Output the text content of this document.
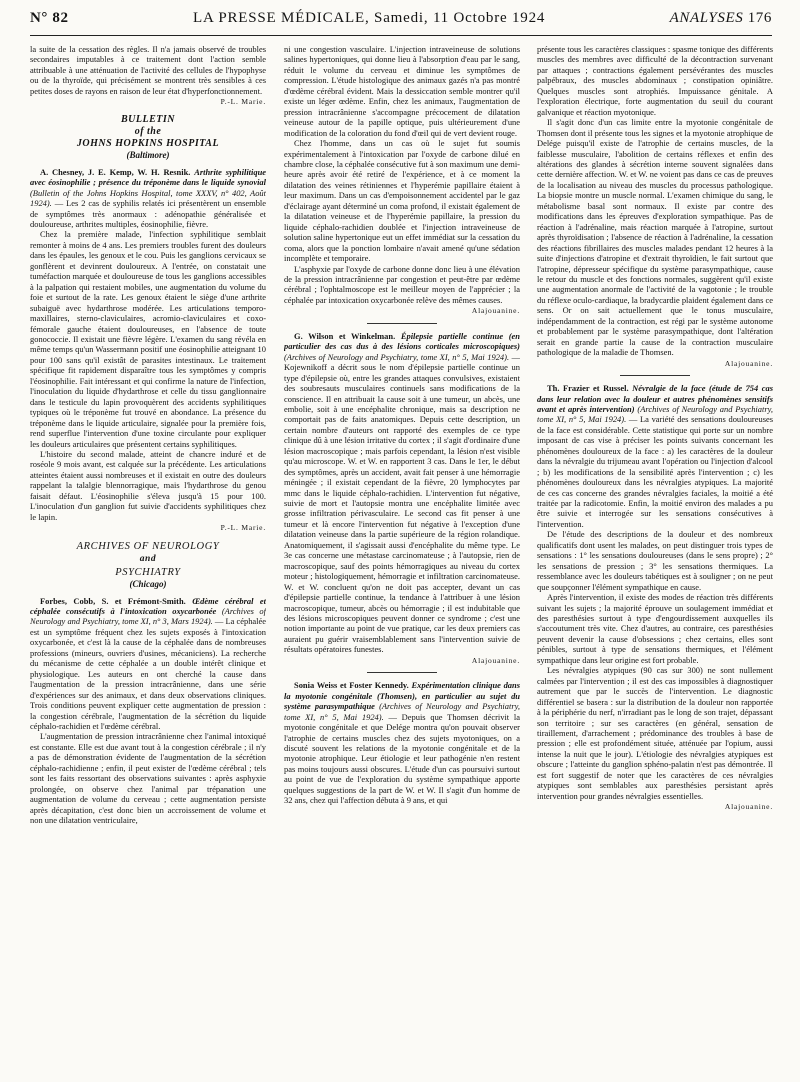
N° 82	LA PRESSE MÉDICALE, Samedi, 11 Octobre 1924	ANALYSES 176

la suite de la cessation des règles. Il n'a jamais observé de troubles secondaires imputables à ce traitement dont l'action semble attribuable à une atténuation de l'activité des cellules de l'hypophyse ou de la thyroïde, qui précisément se montrent très sensibles à ces petites doses de rayons en raison de leur état d'hyperfonctionnement.

P.-L. Marie.
BULLETIN
of the
JOHNS HOPKINS HOSPITAL
(Baltimore)

A. Chesney, J. E. Kemp, W. H. Resnik. Arthrite syphilitique avec éosinophilie ; présence du tréponème dans le liquide synovial (Bulletin of the Johns Hopkins Hospital, tome XXXV, n° 402, Août 1924). — Les 2 cas de syphilis relatés ici présentèrent un ensemble de symptômes très anormaux : adénopathie généralisée et douloureuse, arthrites multiples, éosinophilie, fièvre.

Chez la première malade, l'infection syphilitique semblait remonter à moins de 4 ans. Les premiers troubles furent des douleurs dans les épaules, les genoux et le cou. Puis les ganglions cervicaux se gonflèrent et devinrent douloureux. A l'entrée, on constatait une tuméfaction marquée et douloureuse de tous les ganglions accessibles à la palpation qui restaient mobiles, une augmentation du volume du foie et surtout de la rate. Les genoux étaient le siège d'une arthrite subaiguë avec hydarthrose modérée. Les articulations temporo-maxillaires, sterno-claviculaires, acromio-claviculaires et coxo-fémorale gauche étaient douloureuses, en l'absence de toute gonococcie. Il existait une fièvre légère. L'examen du sang révéla en même temps qu'un Wassermann positif une éosinophilie atteignant 10 pour 100 sans qu'il existât de parasites intestinaux. Le traitement spécifique fit rapidement disparaître tous les symptômes y compris l'éosinophilie. Fait intéressant et qui confirme la nature de l'infection, l'inoculation du liquide d'hydarthrose et celle du tissu ganglionnaire dans le testicule du lapin provoquèrent des accidents syphilitiques typiques où le tréponème fut trouvé en abondance. La présence du tréponème dans le liquide articulaire, signalée pour la première fois, rend superflue l'intervention d'une toxine circulante pour expliquer les douleurs articulaires que présentent certains syphilitiques.

L'histoire du second malade, atteint de chancre induré et de roséole 9 mois avant, est calquée sur la précédente. Les articulations atteintes étaient aussi nombreuses et il existait en outre des douleurs rappelant la talalgie blennorragique, mais l'hydarthrose du genou faisait défaut. L'éosinophilie s'éleva jusqu'à 15 pour 100. L'inoculation d'un ganglion fut suivie d'accidents syphilitiques chez le lapin.

P.-L. Marie.
ARCHIVES OF NEUROLOGY
and
PSYCHIATRY
(Chicago)

Forbes, Cobb, S. et Frémont-Smith. Œdème cérébral et céphalée consécutifs à l'intoxication oxycarbonée (Archives of Neurology and Psychiatry, tome XI, n° 3, Mars 1924). — La céphalée est un symptôme fréquent chez les sujets exposés à l'intoxication oxycarbonée, et c'est là la cause de la céphalée dans de nombreuses professions (mineurs, ouvriers d'usines, mécaniciens). La recherche du mécanisme de cette céphalée a un double intérêt clinique et physiologique. Les auteurs en ont cherché la cause dans l'augmentation de la pression intracrânienne, dans une série d'expériences sur des animaux, et dans deux observations cliniques. Trois conditions peuvent expliquer cette augmentation de pression : la congestion cérébrale, l'augmentation de la sécrétion du liquide céphalo-rachidien et l'œdème cérébral.

L'augmentation de pression intracrânienne chez l'animal intoxiqué est constante. Elle est due avant tout à la congestion cérébrale ; il n'y a pas de démonstration évidente de l'augmentation de la sécrétion céphalo-rachidienne ; enfin, il peut exister de l'œdème cérébral ; tels sont les faits ressortant des observations suivantes : après asphyxie prolongée, on observe chez l'animal par trépanation une augmentation de volume du cerveau ; cette augmentation persiste après décapitation, c'est donc bien un accroissement de volume et non une dilatation ventriculaire,

ni une congestion vasculaire. L'injection intraveineuse de solutions salines hypertoniques, qui donne lieu à l'absorption d'eau par le sang, réduit le volume du cerveau et diminue les symptômes de compression. L'étude histologique des animaux gazés n'a pas montré d'œdème cérébral évident. Mais la dessiccation semble montrer qu'il existe un léger œdème. Enfin, chez les animaux, l'augmentation de pression intracrânienne s'accompagne précocement de dilatation veineuse autour de la papille optique, puis ultérieurement d'une modification de la coloration du fond d'œil qui de vert devient rouge.

Chez l'homme, dans un cas où le sujet fut soumis expérimentalement à l'intoxication par l'oxyde de carbone dilué en chambre close, la céphalée consécutive fut à son maximum une demi-heure après avoir été retiré de l'expérience, et à ce moment la dilatation des veines rétiniennes et l'hyperémie papillaire étaient à leur maximum. Dans un cas d'empoisonnement accidentel par le gaz d'éclairage ayant déterminé un coma profond, il existait également de la dilatation veineuse et de l'hyperémie papillaire, la pression du liquide céphalo-rachidien doublée et l'injection intraveineuse de solution saline hypertonique eut un effet immédiat sur la cessation du coma, alors que la ponction lombaire n'avait amené qu'une sédation incomplète et temporaire.

L'asphyxie par l'oxyde de carbone donne donc lieu à une élévation de la pression intracrânienne par congestion et peut-être par œdème cérébral ; l'ophtalmoscope est le meilleur moyen de l'apprécier ; la céphalée par intoxication oxycarbonée relève des mêmes causes.

Alajouanine.

G. Wilson et Winkelman. Épilepsie partielle continue (en particulier des cas dus à des lésions corticales microscopiques) (Archives of Neurology and Psychiatry, tome XI, n° 5, Mai 1924). — Kojewnikoff a décrit sous le nom d'épilepsie partielle continue un type d'épilepsie où, entre les grandes attaques convulsives, existaient des soubresauts musculaires continuels sans modifications de la conscience. Il en attribuait la cause soit à une tumeur, un abcès, une embolie, soit à une encéphalite chronique, mais sa description ne comportait pas de faits anatomiques. Depuis cette description, un certain nombre d'auteurs ont rapporté des exemples de ce type clinique dû à une lésion irritative du cortex ; il s'agit d'ordinaire d'une lésion macroscopique ; mais parfois cependant, la lésion n'est visible qu'au microscope. W. et W. en rapportent 3 cas. Dans le 1er, le début des symptômes, après un accident, avait fait penser à une hémorragie méningée ; il existait cependant de la fièvre, 20 lymphocytes par mmc dans le liquide céphalo-rachidien. L'intervention fut négative, suivie de mort et l'autopsie montra une encéphalite limitée avec grosse infiltration périvasculaire. Le second cas fit penser à une tumeur et là encore l'intervention fut négative à l'exception d'une dilatation veineuse dans la partie supérieure de la région rolandique. Anatomiquement, il s'agissait aussi d'encéphalite du même type. Le 3e cas concerne une métastase carcinomateuse ; à l'autopsie, rien de macroscopique, sauf des points hémorragiques au niveau du cortex moteur ; histologiquement, hémorragie et infiltration carcinomateuse. W. et W. concluent qu'on ne doit pas accepter, devant un cas d'épilepsie partielle continue, la tendance à l'attribuer à une lésion macroscopique, tumeur, abcès ou hémorragie ; il est indubitable que des lésions microscopiques peuvent donner ce syndrome ; c'est une notion importante au point de vue pratique, car les deux premiers cas auraient pu guérir vraisemblablement sans l'intervention suivie de résultats opératoires funestes.

Alajouanine.

Sonia Weiss et Foster Kennedy. Expérimentation clinique dans la myotonie congénitale (Thomsen), en particulier au sujet du système parasympathique (Archives of Neurology and Psychiatry, tome XI, n° 5, Mai 1924). — Depuis que Thomsen décrivit la myotonie congénitale et que Delége montra qu'on pouvait observer l'atrophie de certains muscles chez des sujets myotoniques, on a discuté souvent les relations de la myotonie congénitale et de la myotonie atrophique. Leur étiologie et leur pathogénie n'en restent pas moins toujours aussi obscures. L'étude d'un cas poursuivi surtout au point de vue de l'exploration du système sympathique apporte quelques suggestions de la part de W. et W. Il s'agit d'un homme de 32 ans, chez qui l'affection débuta à 9 ans, et qui

présente tous les caractères classiques : spasme tonique des différents muscles des membres avec difficulté de la décontraction survenant par attaques ; contractions également persévérantes des muscles palpébraux, des muscles abdominaux ; constipation opiniâtre. Quelques muscles sont atrophiés. Impuissance génitale. A l'exploration électrique, forte augmentation du seuil du courant galvanique et réaction myotonique.

Il s'agit donc d'un cas limite entre la myotonie congénitale de Thomsen dont il présente tous les signes et la myotonie atrophique de Delége puisqu'il existe de l'atrophie de certains muscles, de la faiblesse musculaire, l'abolition de certains réflexes et enfin des altérations des glandes à sécrétion interne souvent signalées dans cette dernière affection. W. et W. ne voient pas dans ce cas de preuves de la localisation au niveau des muscles du processus pathologique. La biopsie montre un muscle normal. L'examen chimique du sang, le métabolisme basal sont normaux. Il existe par contre des modifications dans les épreuves d'exploration sympathique. Pas de réaction à l'adrénaline, mais réaction marquée à l'atropine, surtout après thyroïdisation ; l'absence de réaction à l'adrénaline, la cessation des réactions fibrillaires des muscles malades pendant 12 heures à la suite d'injections d'atropine et d'extrait thyroïdien, le fait surtout que l'atropine, dépresseur spécifique du système parasympathique, cause le retour du muscle et des fonctions normales, suggèrent qu'il existe une augmentation anormale de l'activité de la vagotonie ; le trouble du réflexe oculo-cardiaque, la bradycardie plaident également dans ce sens. Or on sait actuellement que le tonus musculaire, indépendamment de la contraction, est régi par le système autonome et probablement par le système parasympathique, dont l'altération serait en grande partie la cause de la contraction musculaire pathologique de la maladie de Thomsen.

Alajouanine.

Th. Frazier et Russel. Névralgie de la face (étude de 754 cas dans leur relation avec la douleur et autres phénomènes sensitifs avant et après intervention) (Archives of Neurology and Psychiatry, tome XI, n° 5, Mai 1924). — La variété des sensations douloureuses de la face est considérable. Cette statistique qui porte sur un nombre imposant de cas vise à préciser les points suivants concernant les phénomènes douloureux de la face : a) les caractères de la douleur dans la névralgie du trijumeau avant l'opération ou l'injection d'alcool ; b) les modifications de la sensibilité après l'intervention ; c) les phénomènes douloureux dans les névralgies atypiques. La majorité de ces cas concerne des grandes névralgies faciales, la moitié a été traitée par la radicotomie. Enfin, la moitié environ des malades a pu être suivie et interrogée sur les sensations consécutives à l'intervention.

De l'étude des descriptions de la douleur et des nombreux qualificatifs dont usent les malades, on peut distinguer trois types de sensations : 1° les sensations douloureuses (dans le sens propre) ; 2° les sensations de pression ; 3° les sensations thermiques. La ressemblance avec les douleurs tabétiques est à souligner ; on ne peut que soupçonner l'élément sympathique en cause.

Après l'intervention, il existe des modes de réaction très différents suivant les sujets ; la majorité éprouve un soulagement immédiat et des paresthésies surtout à type d'engourdissement auxquelles ils s'accoutument très vite. Chez d'autres, au contraire, ces paresthésies peuvent devenir la cause d'obsessions ; chez certains, elles sont pénibles, surtout à type de sensations thermiques, et l'élément sympathique dans leur origine est fort probable.

Les névralgies atypiques (90 cas sur 300) ne sont nullement calmées par l'intervention ; il est des cas impossibles à diagnostiquer autrement que par le succès de l'intervention. Le diagnostic différentiel se basera : sur la distribution de la douleur non rapportée à la périphérie du nerf, n'irradiant pas le long de son trajet, dépassant son territoire ; sur ses caractères (en général, sensation de tiraillement, d'arrachement ; prédominance des troubles à base de pression ; elle est profondément située, atténuée par l'opium, aussi intense la nuit que le jour). L'étiologie des névralgies atypiques est obscure ; l'atteinte du ganglion sphéno-palatin n'est pas démontrée. Il est fort suggestif de noter que les caractères de ces névralgies atypiques sont semblables aux paresthésies persistant après intervention pour grandes névralgies essentielles.

Alajouanine.
